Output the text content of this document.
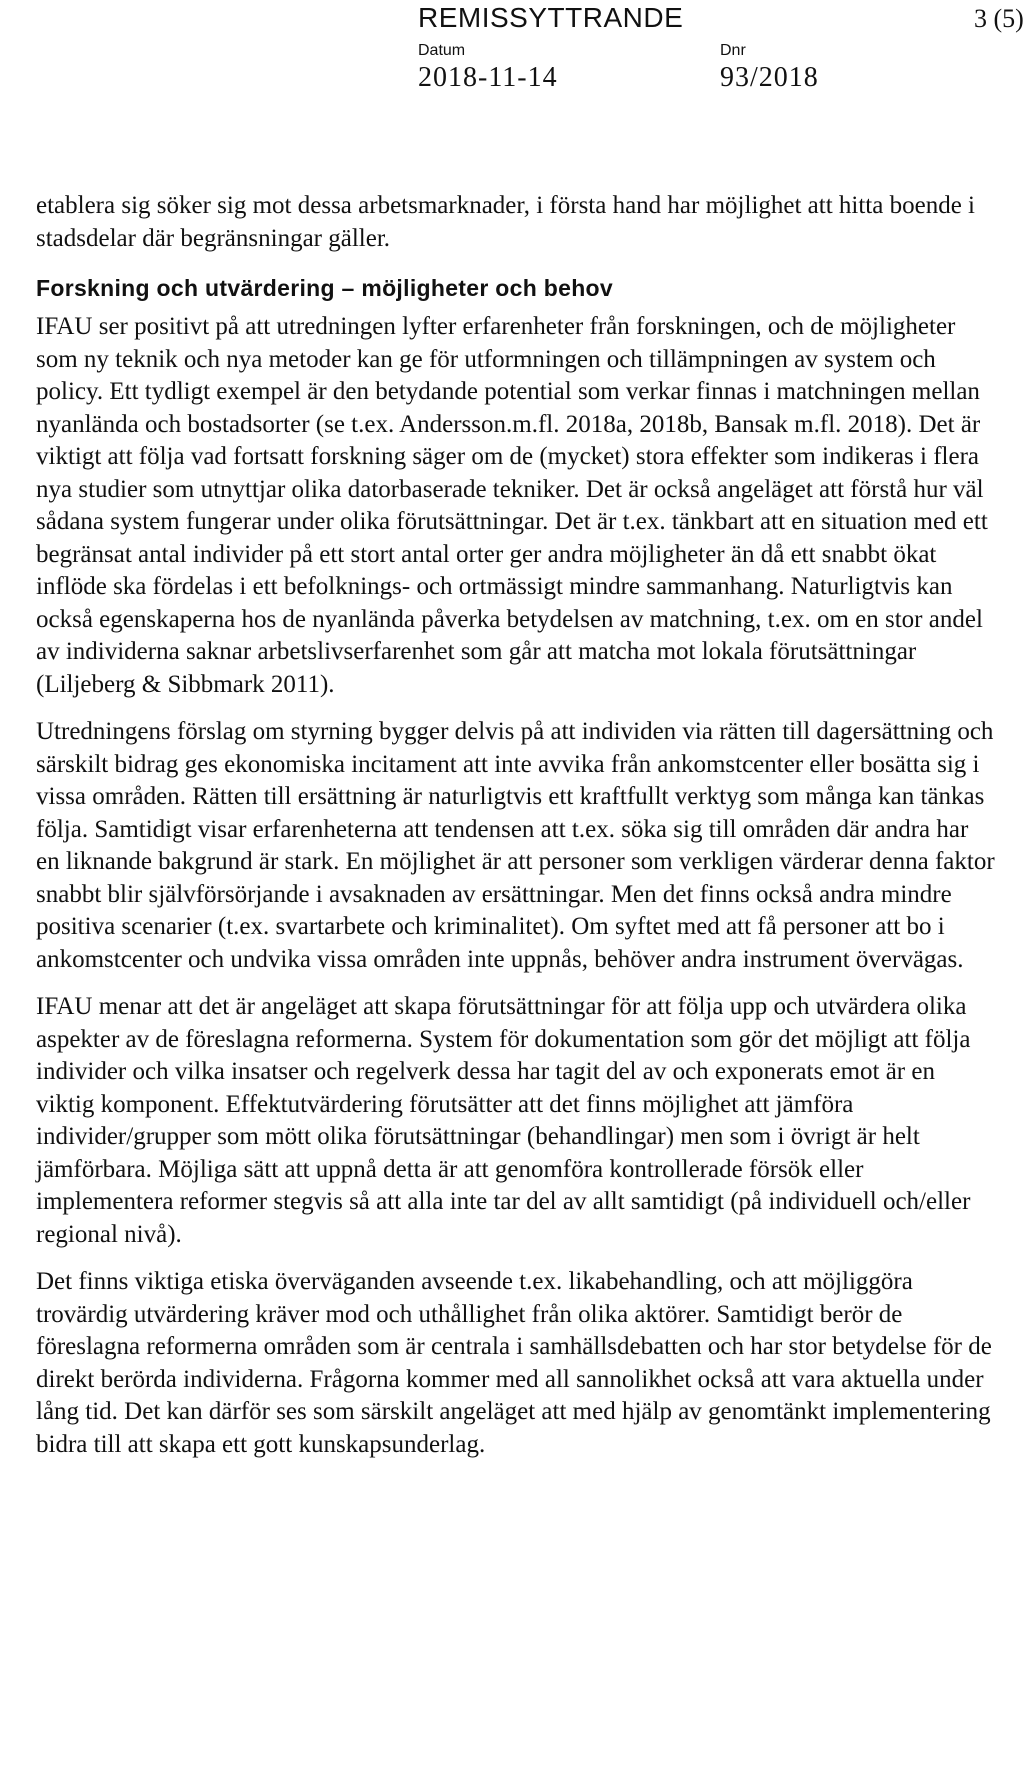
REMISSYTTRANDE	3 (5)
Datum
2018-11-14
Dnr
93/2018

etablera sig söker sig mot dessa arbetsmarknader, i första hand har möjlighet att hitta boende i stadsdelar där begränsningar gäller.

Forskning och utvärdering – möjligheter och behov

IFAU ser positivt på att utredningen lyfter erfarenheter från forskningen, och de möjligheter som ny teknik och nya metoder kan ge för utformningen och tillämpningen av system och policy. Ett tydligt exempel är den betydande potential som verkar finnas i matchningen mellan nyanlända och bostadsorter (se t.ex. Andersson.m.fl. 2018a, 2018b, Bansak m.fl. 2018). Det är viktigt att följa vad fortsatt forskning säger om de (mycket) stora effekter som indikeras i flera nya studier som utnyttjar olika datorbaserade tekniker. Det är också angeläget att förstå hur väl sådana system fungerar under olika förutsättningar. Det är t.ex. tänkbart att en situation med ett begränsat antal individer på ett stort antal orter ger andra möjligheter än då ett snabbt ökat inflöde ska fördelas i ett befolknings- och ortmässigt mindre sammanhang. Naturligtvis kan också egenskaperna hos de nyanlända påverka betydelsen av matchning, t.ex. om en stor andel av individerna saknar arbetslivserfarenhet som går att matcha mot lokala förutsättningar (Liljeberg & Sibbmark 2011).

Utredningens förslag om styrning bygger delvis på att individen via rätten till dagersättning och särskilt bidrag ges ekonomiska incitament att inte avvika från ankomstcenter eller bosätta sig i vissa områden. Rätten till ersättning är naturligtvis ett kraftfullt verktyg som många kan tänkas följa. Samtidigt visar erfarenheterna att tendensen att t.ex. söka sig till områden där andra har en liknande bakgrund är stark. En möjlighet är att personer som verkligen värderar denna faktor snabbt blir självförsörjande i avsaknaden av ersättningar. Men det finns också andra mindre positiva scenarier (t.ex. svartarbete och kriminalitet). Om syftet med att få personer att bo i ankomstcenter och undvika vissa områden inte uppnås, behöver andra instrument övervägas.

IFAU menar att det är angeläget att skapa förutsättningar för att följa upp och utvärdera olika aspekter av de föreslagna reformerna. System för dokumentation som gör det möjligt att följa individer och vilka insatser och regelverk dessa har tagit del av och exponerats emot är en viktig komponent. Effektutvärdering förutsätter att det finns möjlighet att jämföra individer/grupper som mött olika förutsättningar (behandlingar) men som i övrigt är helt jämförbara. Möjliga sätt att uppnå detta är att genomföra kontrollerade försök eller implementera reformer stegvis så att alla inte tar del av allt samtidigt (på individuell och/eller regional nivå).

Det finns viktiga etiska överväganden avseende t.ex. likabehandling, och att möjliggöra trovärdig utvärdering kräver mod och uthållighet från olika aktörer. Samtidigt berör de föreslagna reformerna områden som är centrala i samhällsdebatten och har stor betydelse för de direkt berörda individerna. Frågorna kommer med all sannolikhet också att vara aktuella under lång tid. Det kan därför ses som särskilt angeläget att med hjälp av genomtänkt implementering bidra till att skapa ett gott kunskapsunderlag.
